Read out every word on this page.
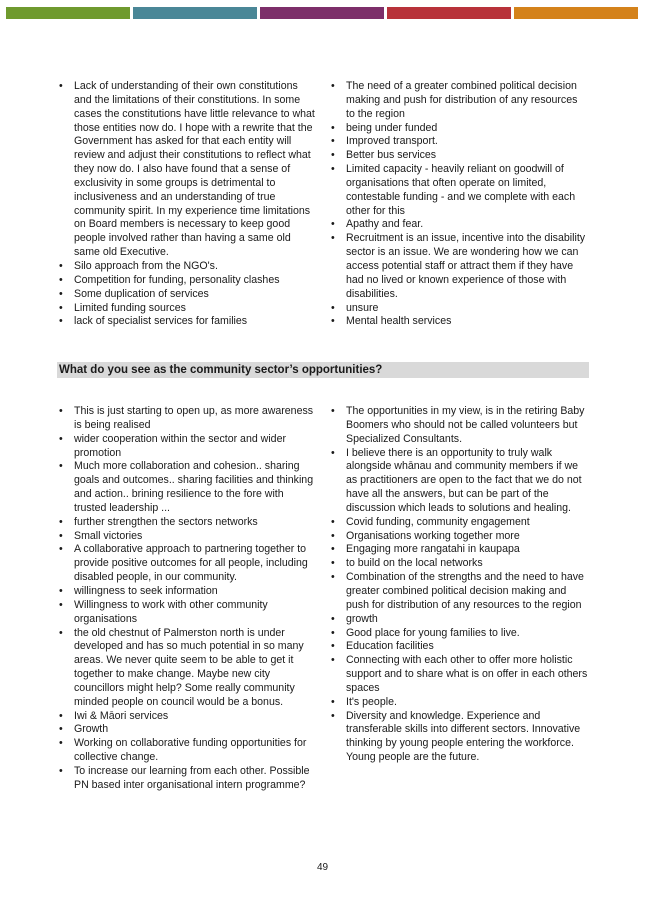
• Lack of understanding of their own constitutions and the limitations of their constitutions. In some cases the constitutions have little relevance to what those entities now do. I hope with a rewrite that the Government has asked for that each entity will review and adjust their constitutions to reflect what they now do. I also have found that a sense of exclusivity in some groups is detrimental to inclusiveness and an understanding of true community spirit. In my experience time limitations on Board members is necessary to keep good people involved rather than having a same old same old Executive.
• Silo approach from the NGO's.
• Competition for funding, personality clashes
• Some duplication of services
• Limited funding sources
• lack of specialist services for families
• The need of a greater combined political decision making and push for distribution of any resources to the region
• being under funded
• Improved transport.
• Better bus services
• Limited capacity - heavily reliant on goodwill of organisations that often operate on limited, contestable funding - and we complete with each other for this
• Apathy and fear.
• Recruitment is an issue, incentive into the disability sector is an issue. We are wondering how we can access potential staff or attract them if they have had no lived or known experience of those with disabilities.
• unsure
• Mental health services
What do you see as the community sector’s opportunities?
• This is just starting to open up, as more awareness is being realised
• wider cooperation within the sector and wider promotion
• Much more collaboration and cohesion.. sharing goals and outcomes.. sharing facilities and thinking and action.. brining resilience to the fore with trusted leadership ...
• further strengthen the sectors networks
• Small victories
• A collaborative approach to partnering together to provide positive outcomes for all people, including disabled people, in our community.
• willingness to seek information
• Willingness to work with other community organisations
• the old chestnut of Palmerston north is under developed and has so much potential in so many areas. We never quite seem to be able to get it together to make change. Maybe new city councillors might help? Some really community minded people on council would be a bonus.
• Iwi & Māori services
• Growth
• Working on collaborative funding opportunities for collective change.
• To increase our learning from each other. Possible PN based inter organisational intern programme?
• The opportunities in my view, is in the retiring Baby Boomers who should not be called volunteers but Specialized Consultants.
• I believe there is an opportunity to truly walk alongside whānau and community members if we as practitioners are open to the fact that we do not have all the answers, but can be part of the discussion which leads to solutions and healing.
• Covid funding, community engagement
• Organisations working together more
• Engaging more rangatahi in kaupapa
• to build on the local networks
• Combination of the strengths and the need to have greater combined political decision making and push for distribution of any resources to the region
• growth
• Good place for young families to live.
• Education facilities
• Connecting with each other to offer more holistic support and to share what is on offer in each others spaces
• It's people.
• Diversity and knowledge. Experience and transferable skills into different sectors. Innovative thinking by young people entering the workforce. Young people are the future.
49
